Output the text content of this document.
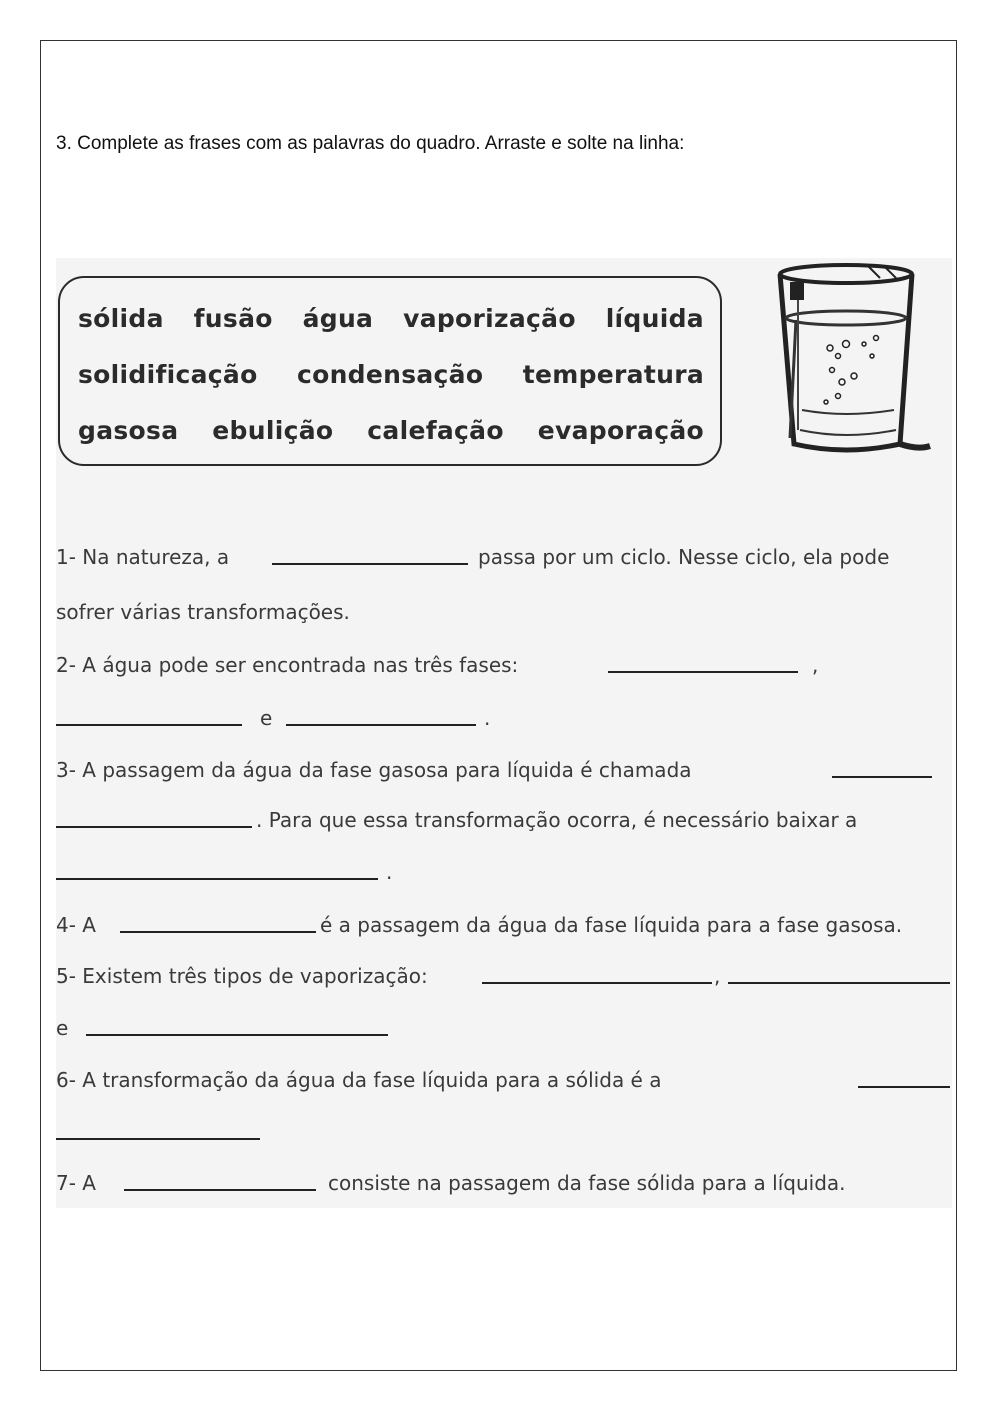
3. Complete as frases com as palavras do quadro. Arraste e solte na linha:
sólida fusão água vaporização líquida
solidificação condensação temperatura
gasosa ebulição calefação evaporação
1- Na natureza, a	passa por um ciclo. Nesse ciclo, ela pode
sofrer várias transformações.
2- A água pode ser encontrada nas três fases:	,
e	.
3- A passagem da água da fase gasosa para líquida é chamada
. Para que essa transformação ocorra, é necessário baixar a
.
4- A	é a passagem da água da fase líquida para a fase gasosa.
5- Existem três tipos de vaporização:	,
e
6- A transformação da água da fase líquida para a sólida é a
7- A	consiste na passagem da fase sólida para a líquida.
